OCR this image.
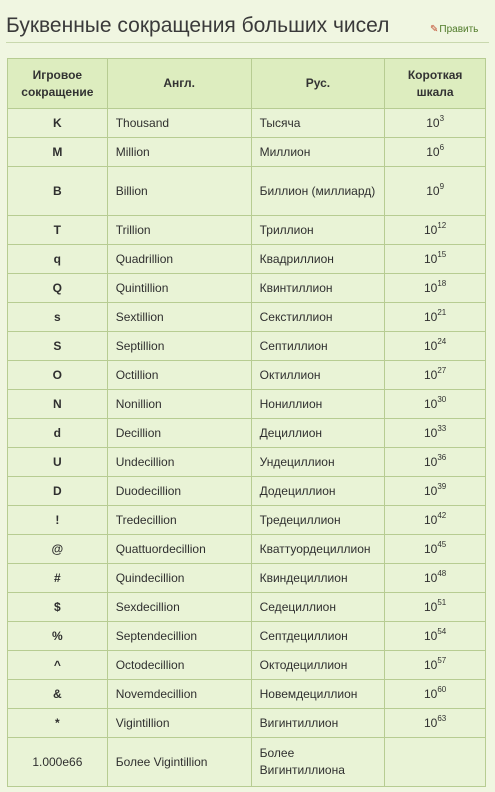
Буквенные сокращения больших чисел	✎Править
Игровое сокращение	Англ.	Рус.	Короткая шкала
K	Thousand	Тысяча	$10^3$
M	Million	Миллион	$10^6$
B	Billion	Биллион (миллиард)	$10^9$
T	Trillion	Триллион	$10^{12}$
q	Quadrillion	Квадриллион	$10^{15}$
Q	Quintillion	Квинтиллион	$10^{18}$
s	Sextillion	Секстиллион	$10^{21}$
S	Septillion	Септиллион	$10^{24}$
O	Octillion	Октиллион	$10^{27}$
N	Nonillion	Нониллион	$10^{30}$
d	Decillion	Дециллион	$10^{33}$
U	Undecillion	Ундециллион	$10^{36}$
D	Duodecillion	Додециллион	$10^{39}$
!	Tredecillion	Тредециллион	$10^{42}$
@	Quattuordecillion	Кваттуордециллион	$10^{45}$
#	Quindecillion	Квиндециллион	$10^{48}$
$	Sexdecillion	Седециллион	$10^{51}$
%	Septendecillion	Септдециллион	$10^{54}$
^	Octodecillion	Октодециллион	$10^{57}$
&	Novemdecillion	Новемдециллион	$10^{60}$
*	Vigintillion	Вигинтиллион	$10^{63}$
1.000e66	Более Vigintillion	Более Вигинтиллиона	
